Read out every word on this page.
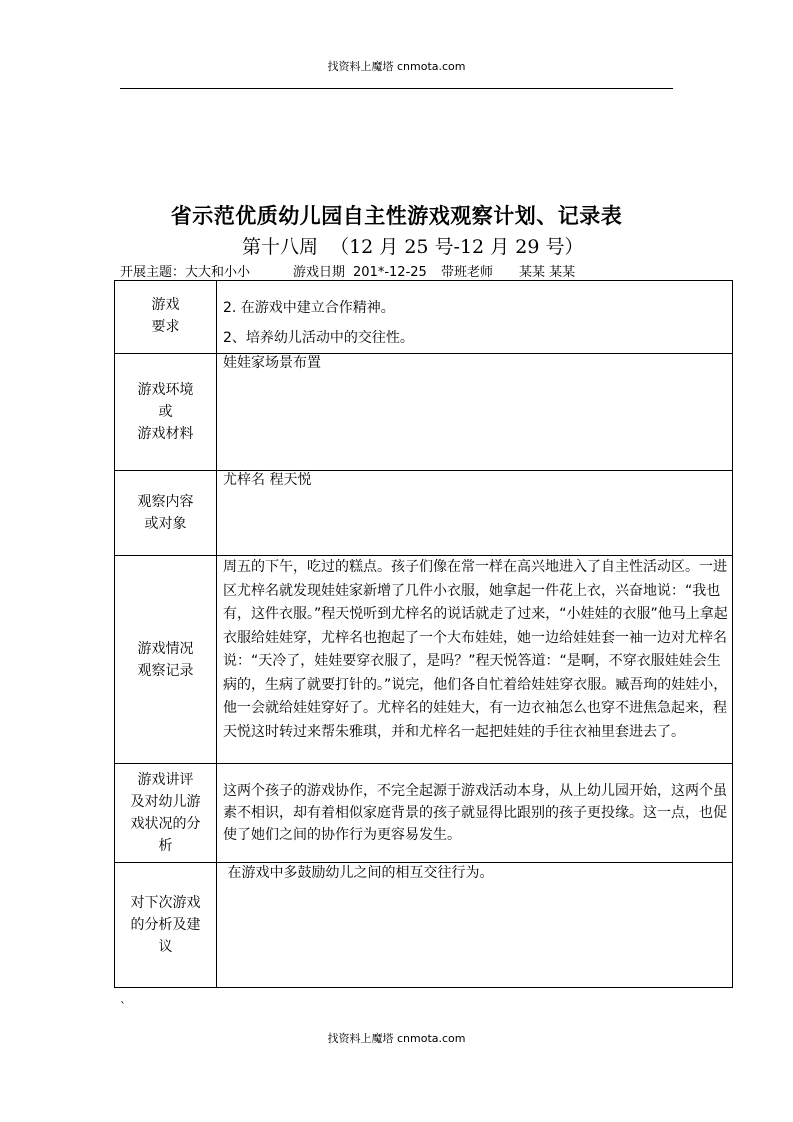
找资料上魔塔 cnmota.com
省示范优质幼儿园自主性游戏观察计划、记录表
第十八周  （12 月 25 号-12 月 29 号）
开展主题：大大和小小	游戏日期 201*-12-25 带班老师 某某 某某
游戏
要求	2. 在游戏中建立合作精神。
2、培养幼儿活动中的交往性。
游戏环境
或
游戏材料	娃娃家场景布置
观察内容
或对象	尤梓名 程天悦
游戏情况
观察记录	周五的下午，吃过的糕点。孩子们像在常一样在高兴地进入了自主性活动区。一进区尤梓名就发现娃娃家新增了几件小衣服，她拿起一件花上衣，兴奋地说：“我也有，这件衣服。”程天悦听到尤梓名的说话就走了过来，“小娃娃的衣服”他马上拿起衣服给娃娃穿，尤梓名也抱起了一个大布娃娃，她一边给娃娃套一袖一边对尤梓名说：“天冷了，娃娃要穿衣服了，是吗？”程天悦答道：“是啊，不穿衣服娃娃会生病的，生病了就要打针的。”说完，他们各自忙着给娃娃穿衣服。臧吾珣的娃娃小，他一会就给娃娃穿好了。尤梓名的娃娃大，有一边衣袖怎么也穿不进焦急起来，程天悦这时转过来帮朱雅琪，并和尤梓名一起把娃娃的手往衣袖里套进去了。
游戏讲评
及对幼儿游
戏状况的分
析	这两个孩子的游戏协作，不完全起源于游戏活动本身，从上幼儿园开始，这两个虽素不相识，却有着相似家庭背景的孩子就显得比跟别的孩子更投缘。这一点，也促使了她们之间的协作行为更容易发生。
对下次游戏
的分析及建
议	在游戏中多鼓励幼儿之间的相互交往行为。
`
找资料上魔塔 cnmota.com
